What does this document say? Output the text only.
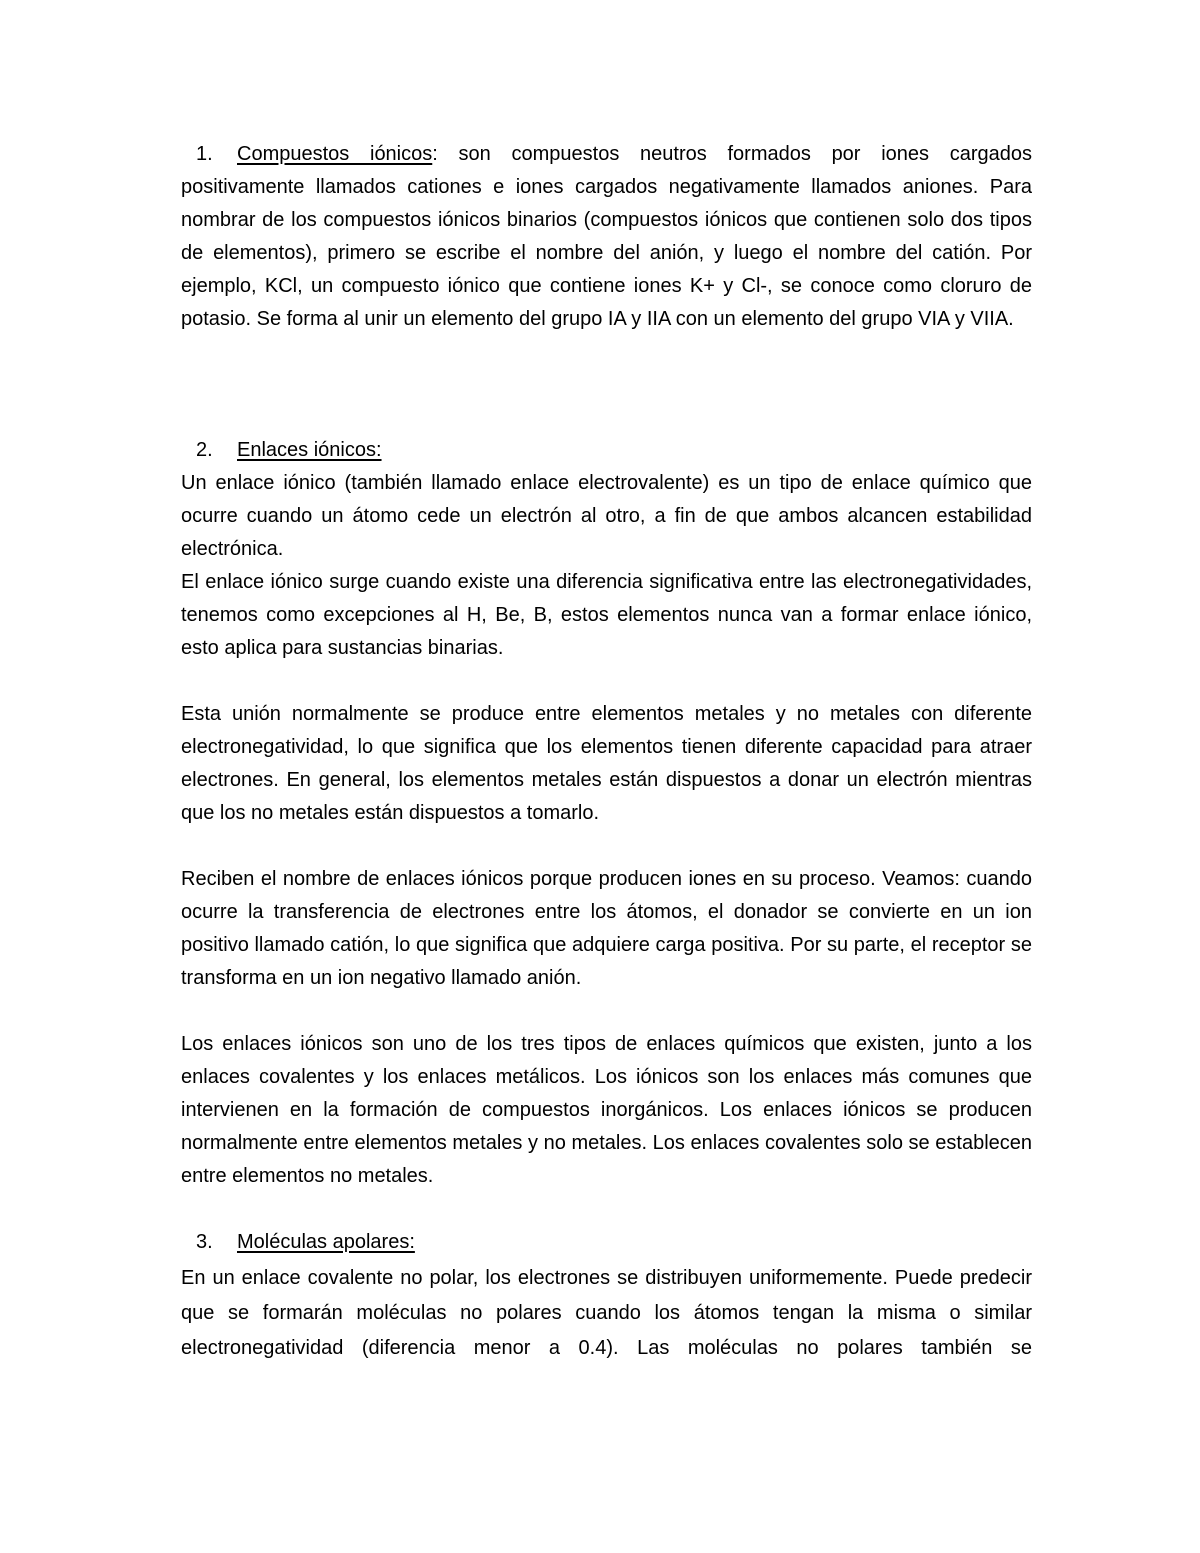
1. Compuestos iónicos: son compuestos neutros formados por iones cargados positivamente llamados cationes e iones cargados negativamente llamados aniones. Para nombrar de los compuestos iónicos binarios (compuestos iónicos que contienen solo dos tipos de elementos), primero se escribe el nombre del anión, y luego el nombre del catión. Por ejemplo, KCl, un compuesto iónico que contiene iones K+ y Cl-, se conoce como cloruro de potasio. Se forma al unir un elemento del grupo IA y IIA con un elemento del grupo VIA y VIIA.

2. Enlaces iónicos:

Un enlace iónico (también llamado enlace electrovalente) es un tipo de enlace químico que ocurre cuando un átomo cede un electrón al otro, a fin de que ambos alcancen estabilidad electrónica.

El enlace iónico surge cuando existe una diferencia significativa entre las electronegatividades, tenemos como excepciones al H, Be, B, estos elementos nunca van a formar enlace iónico, esto aplica para sustancias binarias.

Esta unión normalmente se produce entre elementos metales y no metales con diferente electronegatividad, lo que significa que los elementos tienen diferente capacidad para atraer electrones. En general, los elementos metales están dispuestos a donar un electrón mientras que los no metales están dispuestos a tomarlo.

Reciben el nombre de enlaces iónicos porque producen iones en su proceso. Veamos: cuando ocurre la transferencia de electrones entre los átomos, el donador se convierte en un ion positivo llamado catión, lo que significa que adquiere carga positiva. Por su parte, el receptor se transforma en un ion negativo llamado anión.

Los enlaces iónicos son uno de los tres tipos de enlaces químicos que existen, junto a los enlaces covalentes y los enlaces metálicos. Los iónicos son los enlaces más comunes que intervienen en la formación de compuestos inorgánicos. Los enlaces iónicos se producen normalmente entre elementos metales y no metales. Los enlaces covalentes solo se establecen entre elementos no metales.

3. Moléculas apolares:

En un enlace covalente no polar, los electrones se distribuyen uniformemente. Puede predecir que se formarán moléculas no polares cuando los átomos tengan la misma o similar electronegatividad (diferencia menor a 0.4). Las moléculas no polares también se
